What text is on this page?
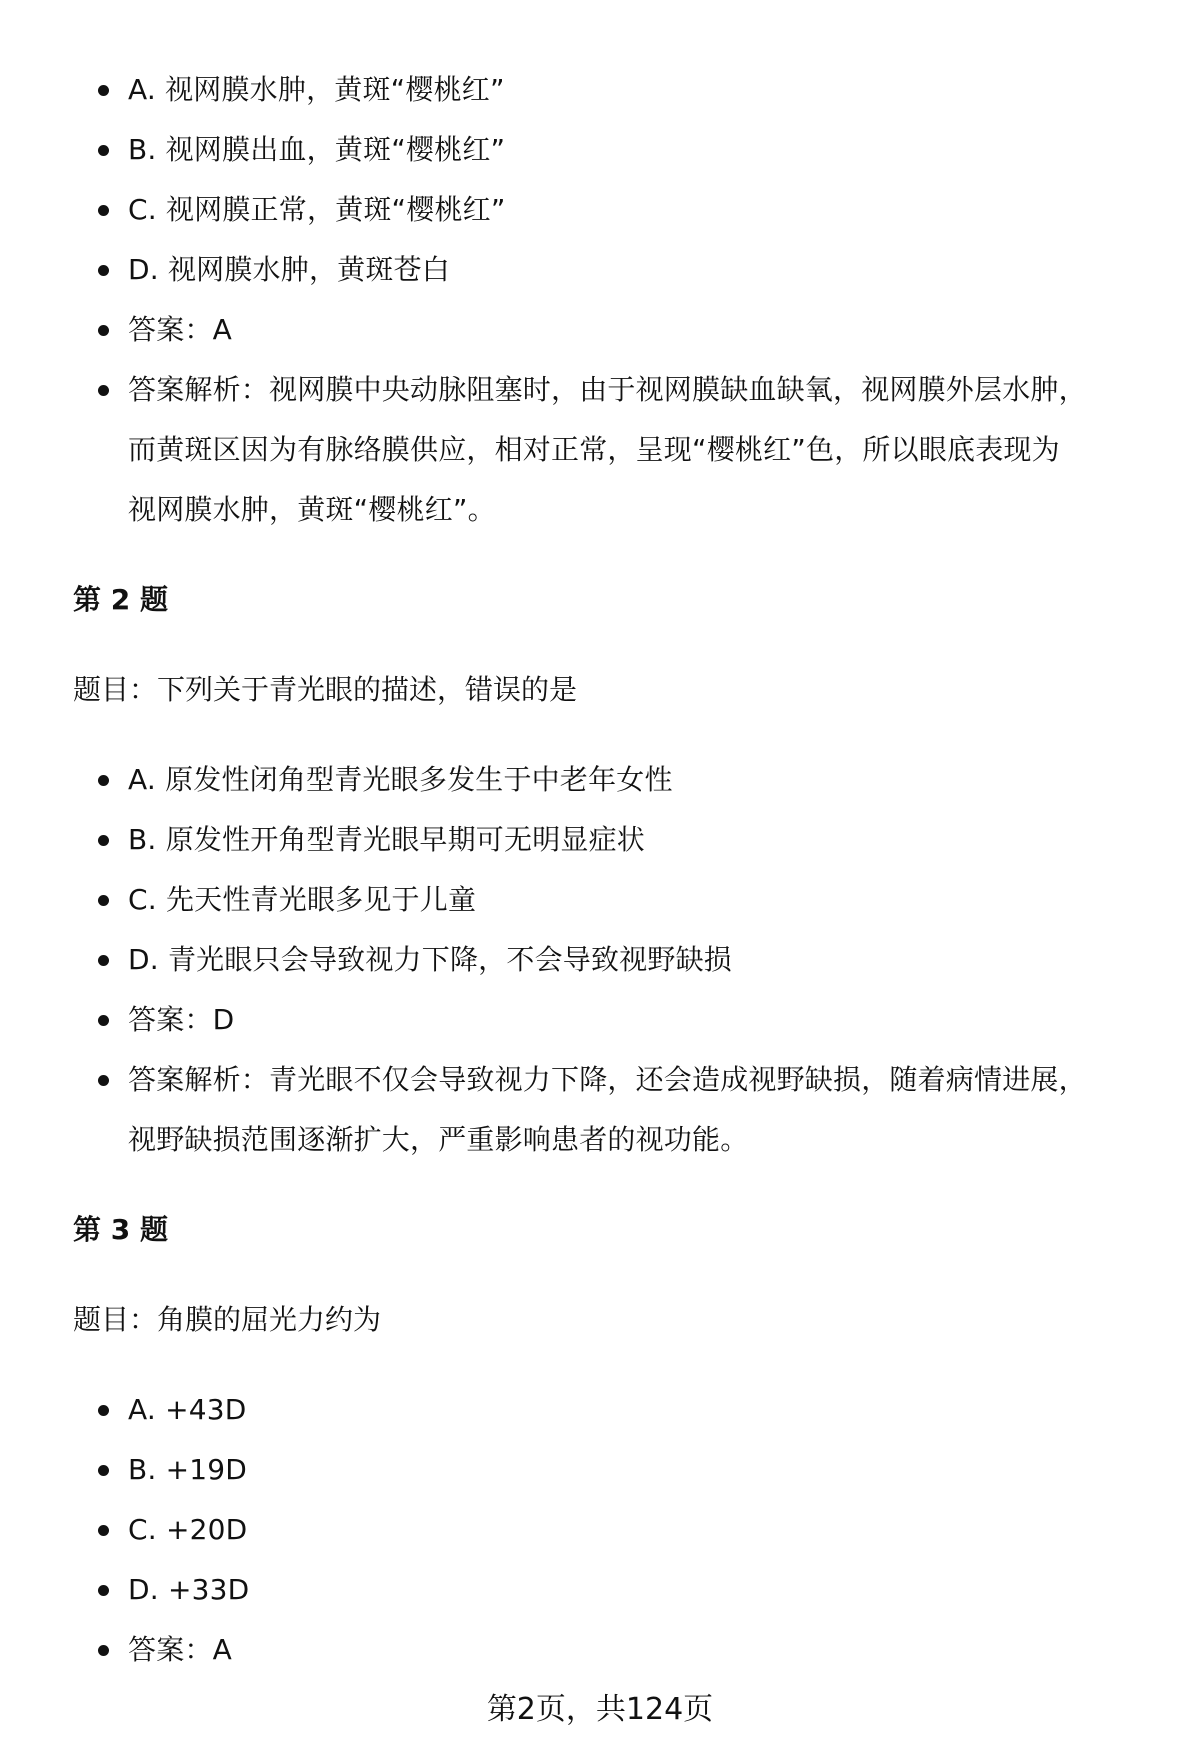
A. 视网膜水肿，黄斑“樱桃红”
B. 视网膜出血，黄斑“樱桃红”
C. 视网膜正常，黄斑“樱桃红”
D. 视网膜水肿，黄斑苍白
答案：A
答案解析：视网膜中央动脉阻塞时，由于视网膜缺血缺氧，视网膜外层水肿，
而黄斑区因为有脉络膜供应，相对正常，呈现“樱桃红”色，所以眼底表现为
视网膜水肿，黄斑“樱桃红”。
第 2 题
题目：下列关于青光眼的描述，错误的是
A. 原发性闭角型青光眼多发生于中老年女性
B. 原发性开角型青光眼早期可无明显症状
C. 先天性青光眼多见于儿童
D. 青光眼只会导致视力下降，不会导致视野缺损
答案：D
答案解析：青光眼不仅会导致视力下降，还会造成视野缺损，随着病情进展，
视野缺损范围逐渐扩大，严重影响患者的视功能。
第 3 题
题目：角膜的屈光力约为
A. +43D
B. +19D
C. +20D
D. +33D
答案：A
第2页，共124页
